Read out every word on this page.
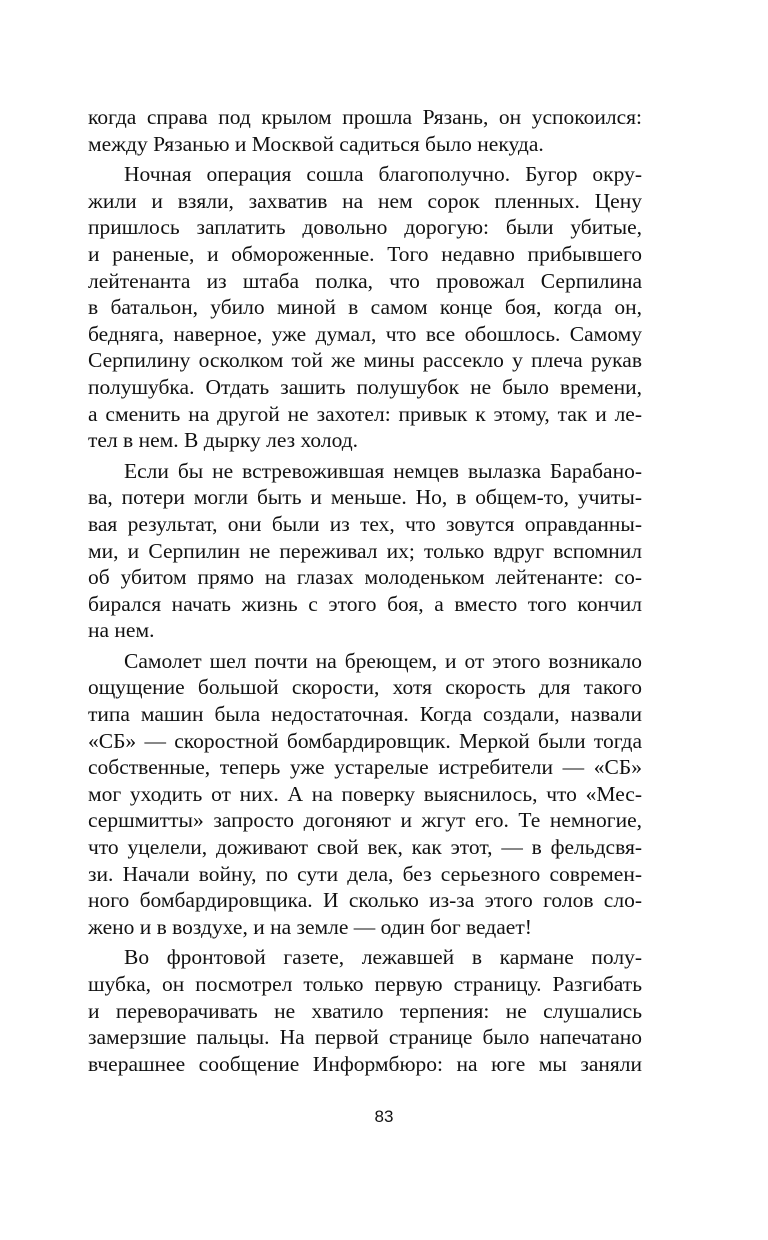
когда справа под крылом прошла Рязань, он успокоился:
между Рязанью и Москвой садиться было некуда.
Ночная операция сошла благополучно. Бугор окру-
жили и взяли, захватив на нем сорок пленных. Цену
пришлось заплатить довольно дорогую: были убитые,
и раненые, и обмороженные. Того недавно прибывшего
лейтенанта из штаба полка, что провожал Серпилина
в батальон, убило миной в самом конце боя, когда он,
бедняга, наверное, уже думал, что все обошлось. Самому
Серпилину осколком той же мины рассекло у плеча рукав
полушубка. Отдать зашить полушубок не было времени,
а сменить на другой не захотел: привык к этому, так и ле-
тел в нем. В дырку лез холод.
Если бы не встревожившая немцев вылазка Барабано-
ва, потери могли быть и меньше. Но, в общем-то, учиты-
вая результат, они были из тех, что зовутся оправданны-
ми, и Серпилин не переживал их; только вдруг вспомнил
об убитом прямо на глазах молоденьком лейтенанте: со-
бирался начать жизнь с этого боя, а вместо того кончил
на нем.
Самолет шел почти на бреющем, и от этого возникало
ощущение большой скорости, хотя скорость для такого
типа машин была недостаточная. Когда создали, назвали
«СБ» — скоростной бомбардировщик. Меркой были тогда
собственные, теперь уже устарелые истребители — «СБ»
мог уходить от них. А на поверку выяснилось, что «Мес-
сершмитты» запросто догоняют и жгут его. Те немногие,
что уцелели, доживают свой век, как этот, — в фельдсвя-
зи. Начали войну, по сути дела, без серьезного современ-
ного бомбардировщика. И сколько из-за этого голов сло-
жено и в воздухе, и на земле — один бог ведает!
Во фронтовой газете, лежавшей в кармане полу-
шубка, он посмотрел только первую страницу. Разгибать
и переворачивать не хватило терпения: не слушались
замерзшие пальцы. На первой странице было напечатано
вчерашнее сообщение Информбюро: на юге мы заняли
83
